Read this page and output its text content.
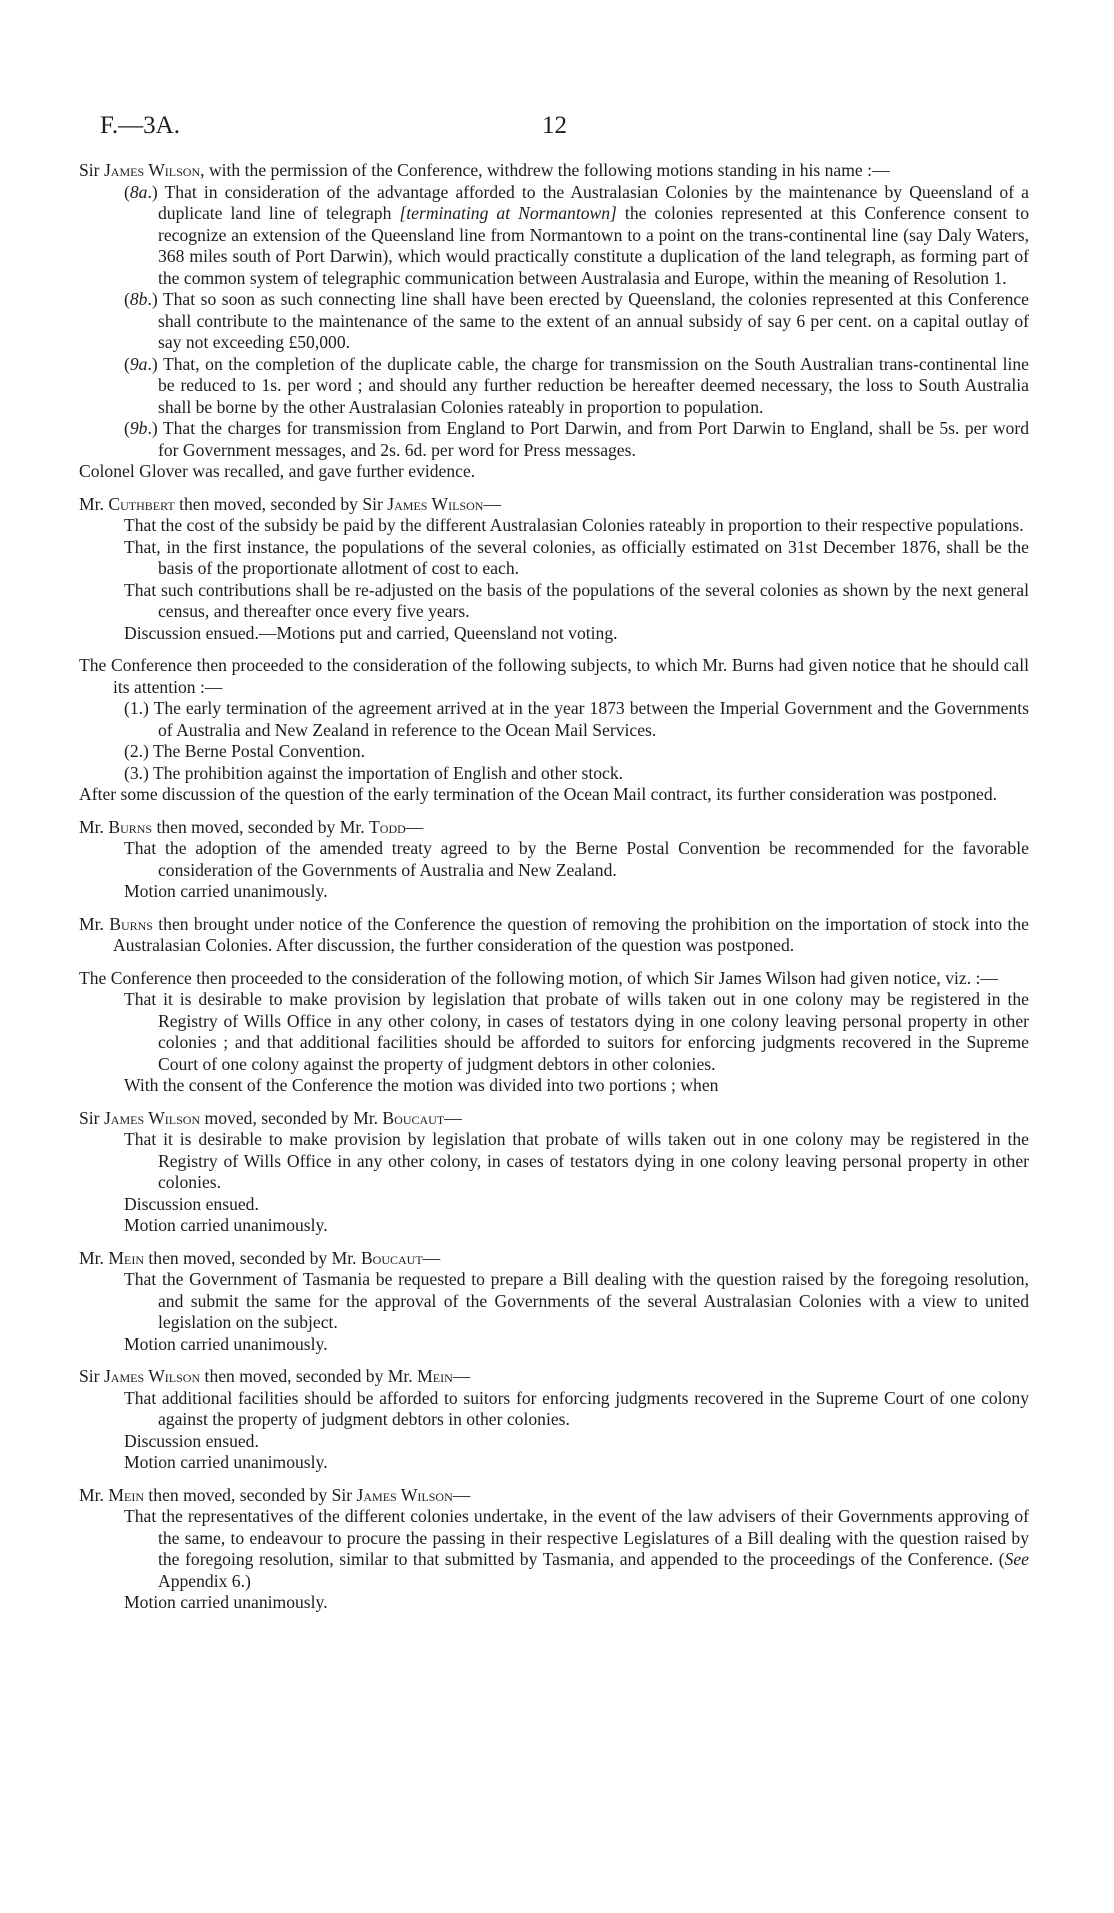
F.—3A.	12

Sir James Wilson, with the permission of the Conference, withdrew the following motions standing in his name :—

(8a.) That in consideration of the advantage afforded to the Australasian Colonies by the maintenance by Queensland of a duplicate land line of telegraph [terminating at Normantown] the colonies represented at this Conference consent to recognize an extension of the Queensland line from Normantown to a point on the trans-continental line (say Daly Waters, 368 miles south of Port Darwin), which would practically constitute a duplication of the land telegraph, as forming part of the common system of telegraphic communication between Australasia and Europe, within the meaning of Resolution 1.

(8b.) That so soon as such connecting line shall have been erected by Queensland, the colonies represented at this Conference shall contribute to the maintenance of the same to the extent of an annual subsidy of say 6 per cent. on a capital outlay of say not exceeding £50,000.

(9a.) That, on the completion of the duplicate cable, the charge for transmission on the South Australian trans-continental line be reduced to 1s. per word ; and should any further reduction be hereafter deemed necessary, the loss to South Australia shall be borne by the other Australasian Colonies rateably in proportion to population.

(9b.) That the charges for transmission from England to Port Darwin, and from Port Darwin to England, shall be 5s. per word for Government messages, and 2s. 6d. per word for Press messages.

Colonel Glover was recalled, and gave further evidence.

Mr. Cuthbert then moved, seconded by Sir James Wilson—

That the cost of the subsidy be paid by the different Australasian Colonies rateably in proportion to their respective populations.

That, in the first instance, the populations of the several colonies, as officially estimated on 31st December 1876, shall be the basis of the proportionate allotment of cost to each.

That such contributions shall be re-adjusted on the basis of the populations of the several colonies as shown by the next general census, and thereafter once every five years.

Discussion ensued.—Motions put and carried, Queensland not voting.

The Conference then proceeded to the consideration of the following subjects, to which Mr. Burns had given notice that he should call its attention :—

(1.) The early termination of the agreement arrived at in the year 1873 between the Imperial Government and the Governments of Australia and New Zealand in reference to the Ocean Mail Services.

(2.) The Berne Postal Convention.

(3.) The prohibition against the importation of English and other stock.

After some discussion of the question of the early termination of the Ocean Mail contract, its further consideration was postponed.

Mr. Burns then moved, seconded by Mr. Todd—

That the adoption of the amended treaty agreed to by the Berne Postal Convention be recommended for the favorable consideration of the Governments of Australia and New Zealand.

Motion carried unanimously.

Mr. Burns then brought under notice of the Conference the question of removing the prohibition on the importation of stock into the Australasian Colonies. After discussion, the further consideration of the question was postponed.

The Conference then proceeded to the consideration of the following motion, of which Sir James Wilson had given notice, viz. :—

That it is desirable to make provision by legislation that probate of wills taken out in one colony may be registered in the Registry of Wills Office in any other colony, in cases of testators dying in one colony leaving personal property in other colonies ; and that additional facilities should be afforded to suitors for enforcing judgments recovered in the Supreme Court of one colony against the property of judgment debtors in other colonies.

With the consent of the Conference the motion was divided into two portions ; when

Sir James Wilson moved, seconded by Mr. Boucaut—

That it is desirable to make provision by legislation that probate of wills taken out in one colony may be registered in the Registry of Wills Office in any other colony, in cases of testators dying in one colony leaving personal property in other colonies.

Discussion ensued.

Motion carried unanimously.

Mr. Mein then moved, seconded by Mr. Boucaut—

That the Government of Tasmania be requested to prepare a Bill dealing with the question raised by the foregoing resolution, and submit the same for the approval of the Governments of the several Australasian Colonies with a view to united legislation on the subject.

Motion carried unanimously.

Sir James Wilson then moved, seconded by Mr. Mein—

That additional facilities should be afforded to suitors for enforcing judgments recovered in the Supreme Court of one colony against the property of judgment debtors in other colonies.

Discussion ensued.

Motion carried unanimously.

Mr. Mein then moved, seconded by Sir James Wilson—

That the representatives of the different colonies undertake, in the event of the law advisers of their Governments approving of the same, to endeavour to procure the passing in their respective Legislatures of a Bill dealing with the question raised by the foregoing resolution, similar to that submitted by Tasmania, and appended to the proceedings of the Conference. (See Appendix 6.)

Motion carried unanimously.
